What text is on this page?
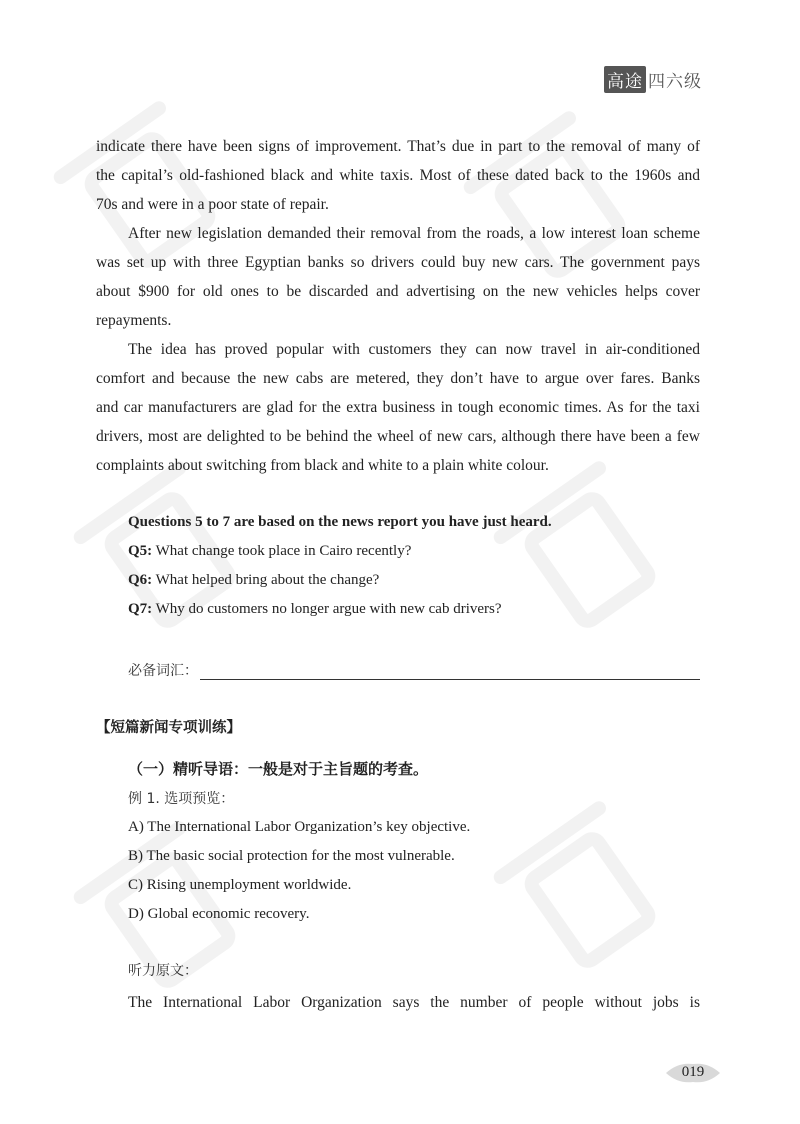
高途 四六级
indicate there have been signs of improvement. That’s due in part to the removal of many of
the capital’s old-fashioned black and white taxis. Most of these dated back to the 1960s and
70s and were in a poor state of repair.
After new legislation demanded their removal from the roads, a low interest loan scheme
was set up with three Egyptian banks so drivers could buy new cars. The government pays
about $900 for old ones to be discarded and advertising on the new vehicles helps cover
repayments.
The idea has proved popular with customers they can now travel in air-conditioned
comfort and because the new cabs are metered, they don’t have to argue over fares. Banks
and car manufacturers are glad for the extra business in tough economic times. As for the taxi
drivers, most are delighted to be behind the wheel of new cars, although there have been a few
complaints about switching from black and white to a plain white colour.
Questions 5 to 7 are based on the news report you have just heard.
Q5: What change took place in Cairo recently?
Q6: What helped bring about the change?
Q7: Why do customers no longer argue with new cab drivers?
必备词汇：
【短篇新闻专项训练】
（一）精听导语：一般是对于主旨题的考查。
例 1. 选项预览：
A) The International Labor Organization’s key objective.
B) The basic social protection for the most vulnerable.
C) Rising unemployment worldwide.
D) Global economic recovery.
听力原文：
The International Labor Organization says the number of people without jobs is
019
